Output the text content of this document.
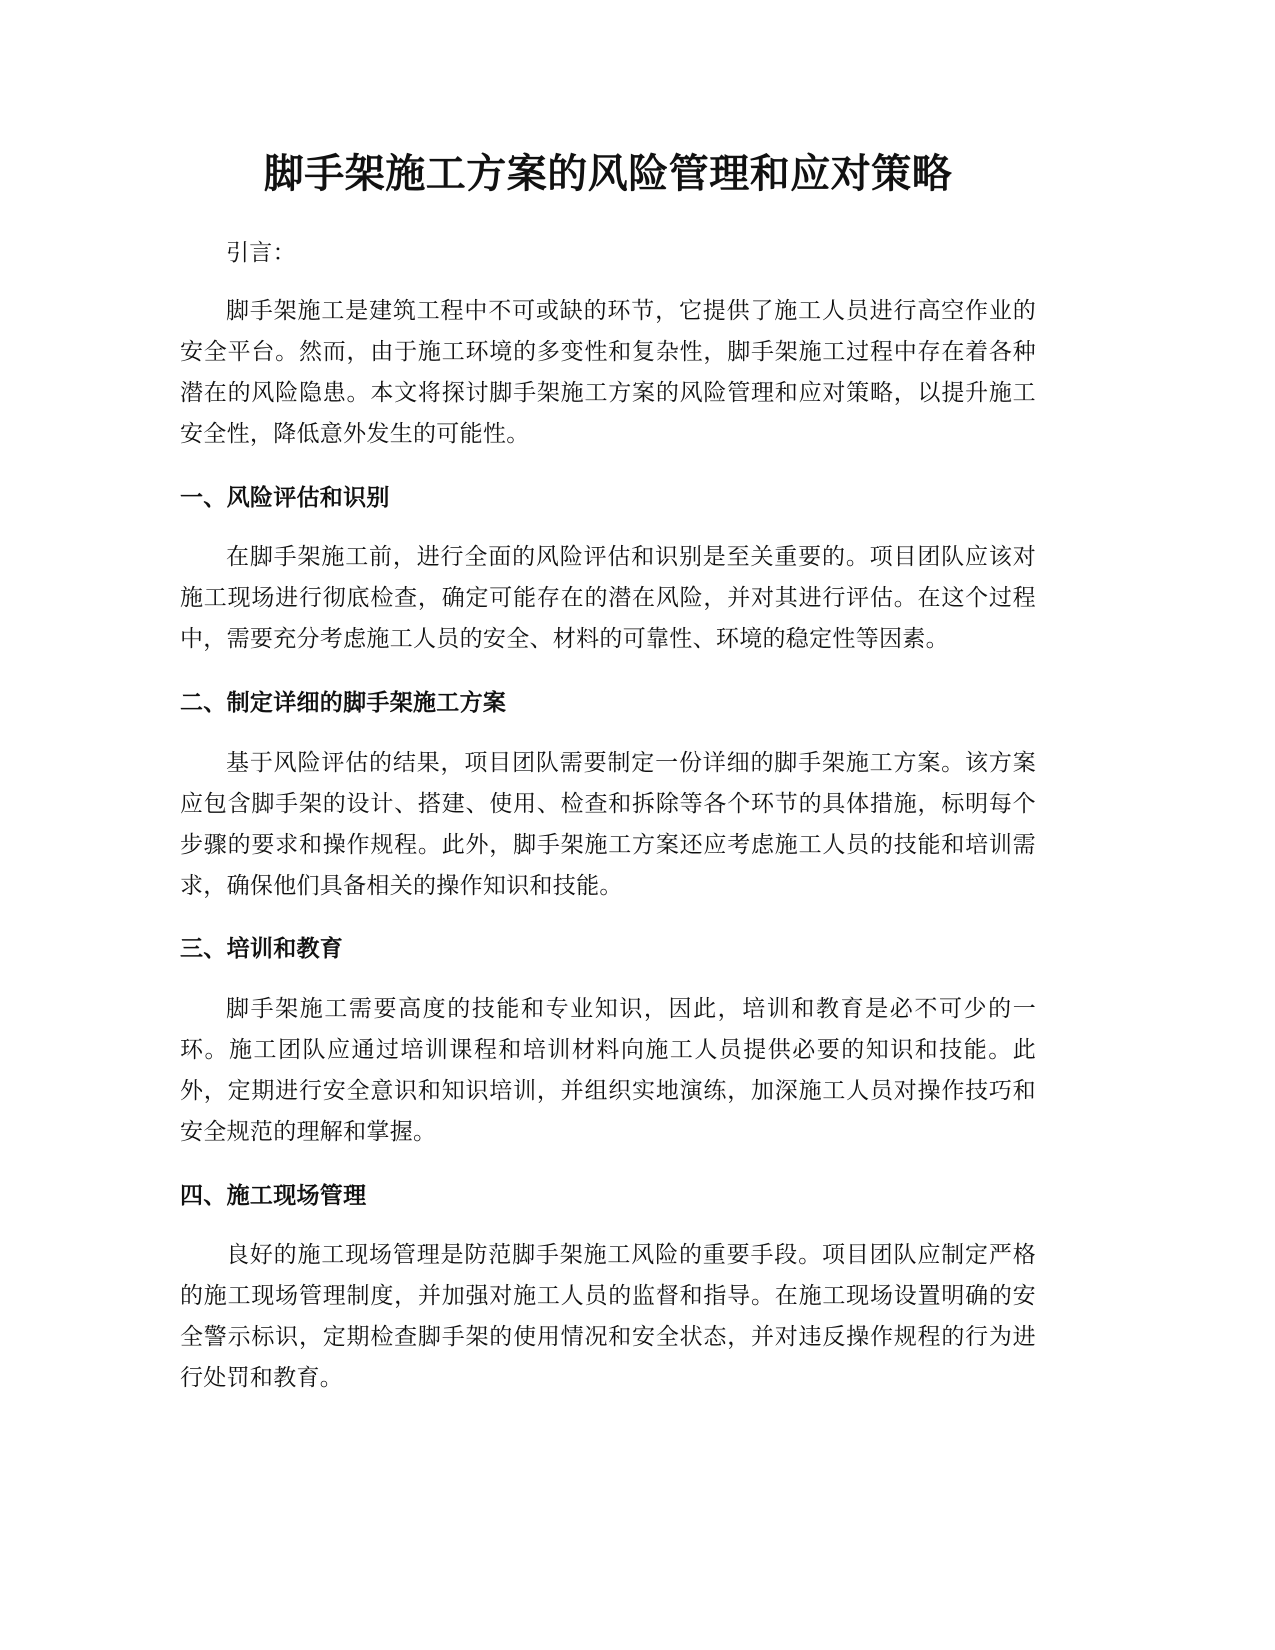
脚手架施工方案的风险管理和应对策略

引言：

脚手架施工是建筑工程中不可或缺的环节，它提供了施工人员进行高空作业的安全平台。然而，由于施工环境的多变性和复杂性，脚手架施工过程中存在着各种潜在的风险隐患。本文将探讨脚手架施工方案的风险管理和应对策略，以提升施工安全性，降低意外发生的可能性。

一、风险评估和识别

在脚手架施工前，进行全面的风险评估和识别是至关重要的。项目团队应该对施工现场进行彻底检查，确定可能存在的潜在风险，并对其进行评估。在这个过程中，需要充分考虑施工人员的安全、材料的可靠性、环境的稳定性等因素。

二、制定详细的脚手架施工方案

基于风险评估的结果，项目团队需要制定一份详细的脚手架施工方案。该方案应包含脚手架的设计、搭建、使用、检查和拆除等各个环节的具体措施，标明每个步骤的要求和操作规程。此外，脚手架施工方案还应考虑施工人员的技能和培训需求，确保他们具备相关的操作知识和技能。

三、培训和教育

脚手架施工需要高度的技能和专业知识，因此，培训和教育是必不可少的一环。施工团队应通过培训课程和培训材料向施工人员提供必要的知识和技能。此外，定期进行安全意识和知识培训，并组织实地演练，加深施工人员对操作技巧和安全规范的理解和掌握。

四、施工现场管理

良好的施工现场管理是防范脚手架施工风险的重要手段。项目团队应制定严格的施工现场管理制度，并加强对施工人员的监督和指导。在施工现场设置明确的安全警示标识，定期检查脚手架的使用情况和安全状态，并对违反操作规程的行为进行处罚和教育。
